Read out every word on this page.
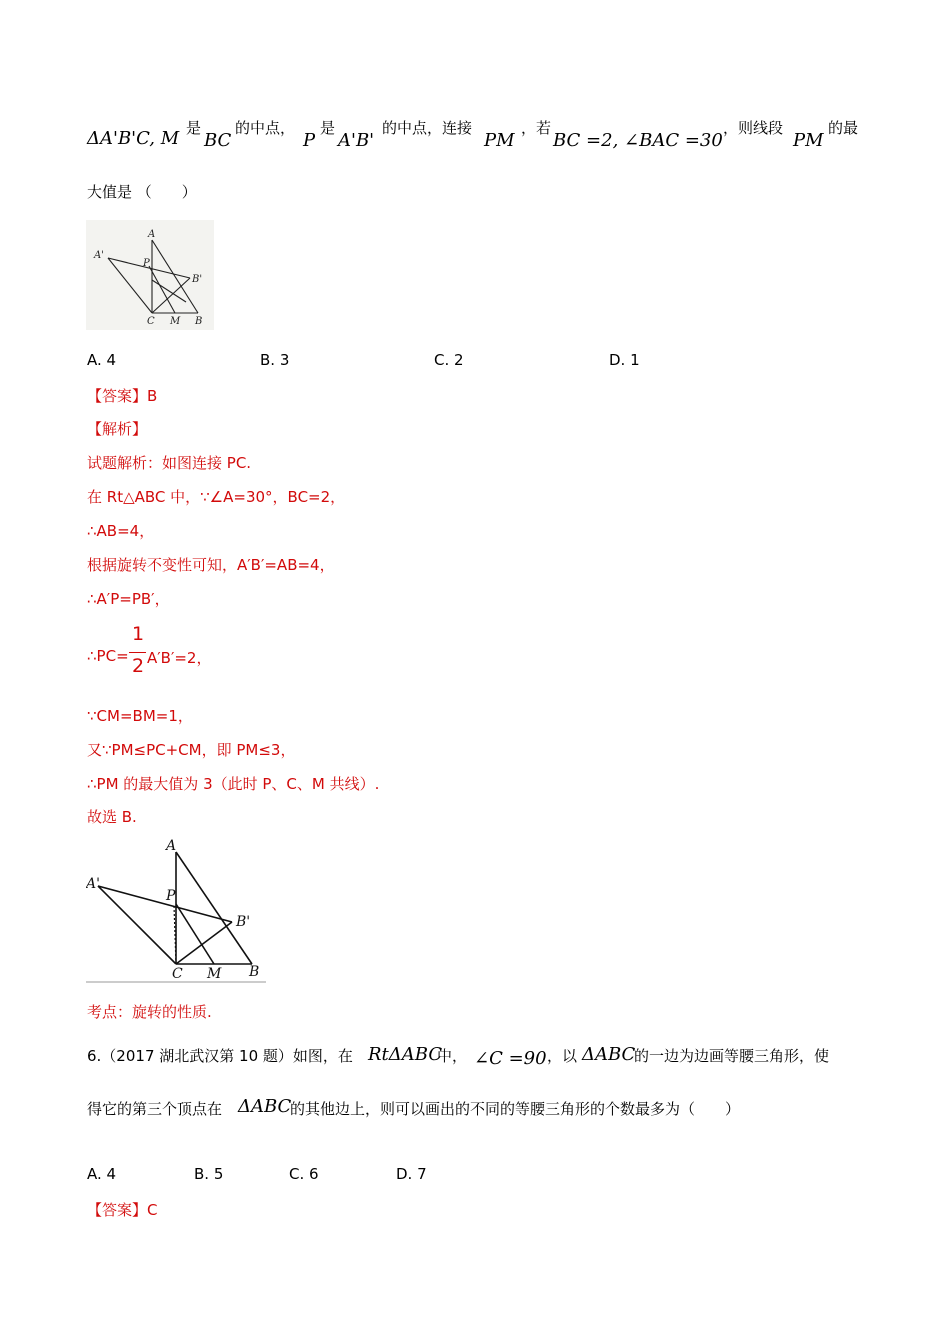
ΔA'B'C, M 是
BC
的中点，
P
是
A'B'
的中点，连接
PM
，若
BC =2, ∠BAC =30
，则线段
PM
的最
大值是 （　　）
A
A'
P
B'
C M B
A. 4	B. 3	C. 2	D. 1
【答案】B
【解析】
试题解析：如图连接 PC.
在 Rt△ABC 中，∵∠A=30°，BC=2，
∴AB=4，
根据旋转不变性可知，A′B′=AB=4，
∴A′P=PB′，
∴PC=
1
2 A′B′=2，
∵CM=BM=1，
又∵PM≤PC+CM，即 PM≤3，
∴PM 的最大值为 3（此时 P、C、M 共线）.
故选 B.
A
A'
P
B'
C M B
考点：旋转的性质.
6.（2017 湖北武汉第 10 题）如图，在 RtΔABC
中， ∠C =90 ，以 ΔABC
的一边为边画等腰三角形，使
得它的第三个顶点在 ΔABC
的其他边上，则可以画出的不同的等腰三角形的个数最多为（　　）
A. 4	B. 5	C. 6	D. 7
【答案】C
